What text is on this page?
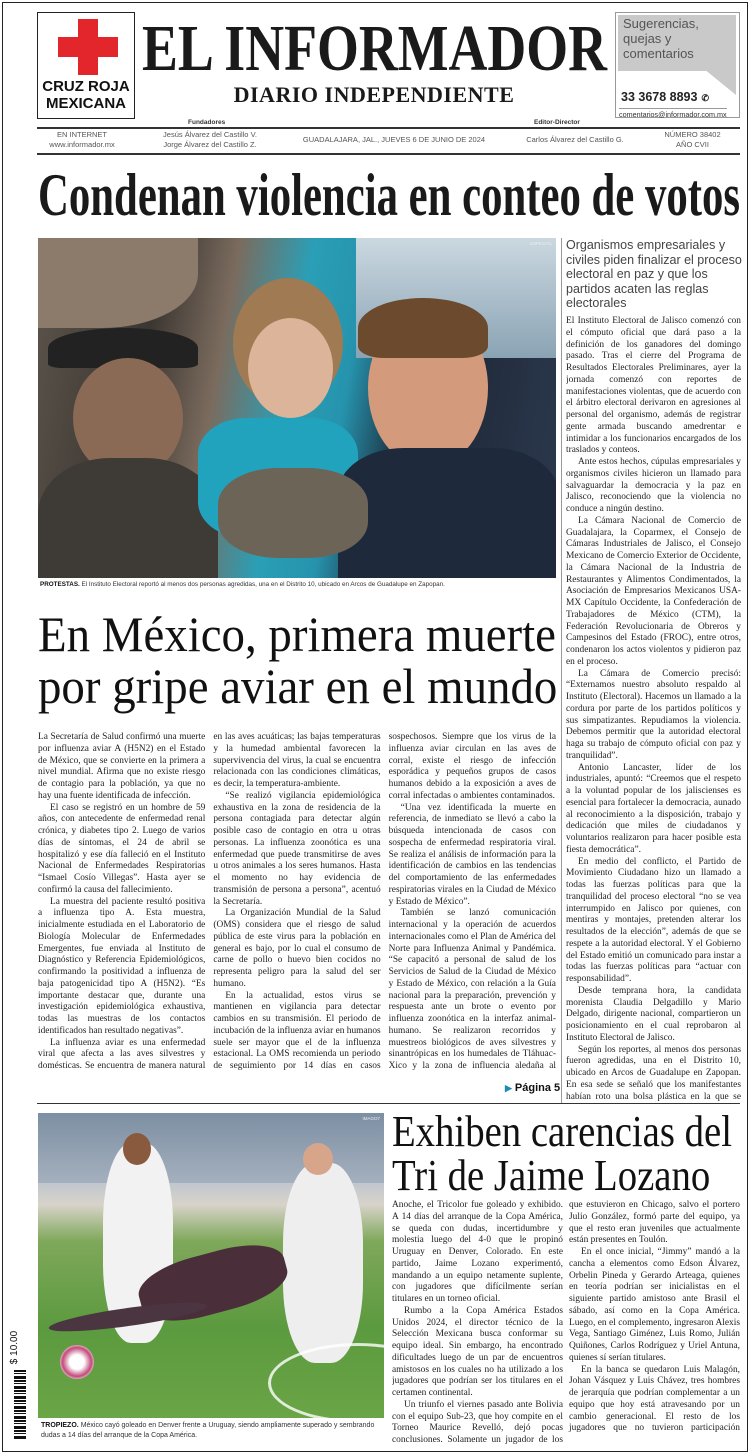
CRUZ ROJA MEXICANA
EL INFORMADOR
DIARIO INDEPENDIENTE
Sugerencias, quejas y comentarios
33 3678 8893 ✆
comentarios@informador.com.mx
Fundadores	Editor-Director
EN INTERNET
www.informador.mx
Jesús Álvarez del Castillo V.
Jorge Álvarez del Castillo Z.
GUADALAJARA, JAL., JUEVES 6 DE JUNIO DE 2024	Carlos Álvarez del Castillo G.
NÚMERO 38402
AÑO CVII
Condenan violencia en conteo de votos
ESPECIAL
PROTESTAS. El Instituto Electoral reportó al menos dos personas agredidas, una en el Distrito 10, ubicado en Arcos de Guadalupe en Zapopan.
Organismos empresariales y civiles piden finalizar el proceso electoral en paz y que los partidos acaten las reglas electorales

El Instituto Electoral de Jalisco comenzó con el cómputo oficial que dará paso a la definición de los ganadores del domingo pasado. Tras el cierre del Programa de Resultados Electorales Preliminares, ayer la jornada comenzó con reportes de manifestaciones violentas, que de acuerdo con el árbitro electoral derivaron en agresiones al personal del organismo, además de registrar gente armada buscando amedrentar e intimidar a los funcionarios encargados de los traslados y conteos.

Ante estos hechos, cúpulas empresariales y organismos civiles hicieron un llamado para salvaguardar la democracia y la paz en Jalisco, reconociendo que la violencia no conduce a ningún destino.

La Cámara Nacional de Comercio de Guadalajara, la Coparmex, el Consejo de Cámaras Industriales de Jalisco, el Consejo Mexicano de Comercio Exterior de Occidente, la Cámara Nacional de la Industria de Restaurantes y Alimentos Condimentados, la Asociación de Empresarios Mexicanos USA-MX Capítulo Occidente, la Confederación de Trabajadores de México (CTM), la Federación Revolucionaria de Obreros y Campesinos del Estado (FROC), entre otros, condenaron los actos violentos y pidieron paz en el proceso.

La Cámara de Comercio precisó: “Externamos nuestro absoluto respaldo al Instituto (Electoral). Hacemos un llamado a la cordura por parte de los partidos políticos y sus simpatizantes. Repudiamos la violencia. Debemos permitir que la autoridad electoral haga su trabajo de cómputo oficial con paz y tranquilidad”.

Antonio Lancaster, líder de los industriales, apuntó: “Creemos que el respeto a la voluntad popular de los jaliscienses es esencial para fortalecer la democracia, aunado al reconocimiento a la disposición, trabajo y dedicación que miles de ciudadanos y voluntarios realizaron para hacer posible esta fiesta democrática”.

En medio del conflicto, el Partido de Movimiento Ciudadano hizo un llamado a todas las fuerzas políticas para que la tranquilidad del proceso electoral “no se vea interrumpido en Jalisco por quienes, con mentiras y montajes, pretenden alterar los resultados de la elección”, además de que se respete a la autoridad electoral. Y el Gobierno del Estado emitió un comunicado para instar a todas las fuerzas políticas para “actuar con responsabilidad”.

Desde temprana hora, la candidata morenista Claudia Delgadillo y Mario Delgado, dirigente nacional, compartieron un posicionamiento en el cual reprobaron al Instituto Electoral de Jalisco.

Según los reportes, al menos dos personas fueron agredidas, una en el Distrito 10, ubicado en Arcos de Guadalupe en Zapopan. En esa sede se señaló que los manifestantes habían roto una bolsa plástica en la que se

En México, primera muerte
por gripe aviar en el mundo

La Secretaría de Salud confirmó una muerte por influenza aviar A (H5N2) en el Estado de México, que se convierte en la primera a nivel mundial. Afirma que no existe riesgo de contagio para la población, ya que no hay una fuente identificada de infección.

El caso se registró en un hombre de 59 años, con antecedente de enfermedad renal crónica, y diabetes tipo 2. Luego de varios días de síntomas, el 24 de abril se hospitalizó y ese día falleció en el Instituto Nacional de Enfermedades Respiratorias “Ismael Cosío Villegas”. Hasta ayer se confirmó la causa del fallecimiento.

La muestra del paciente resultó positiva a influenza tipo A. Esta muestra, inicialmente estudiada en el Laboratorio de Biología Molecular de Enfermedades Emergentes, fue enviada al Instituto de Diagnóstico y Referencia Epidemiológicos, confirmando la positividad a influenza de baja patogenicidad tipo A (H5N2). “Es importante destacar que, durante una investigación epidemiológica exhaustiva, todas las muestras de los contactos identificados han resultado negativas”.

La influenza aviar es una enfermedad viral que afecta a las aves silvestres y domésticas. Se encuentra de manera natural en las aves acuáticas; las bajas temperaturas y la humedad ambiental favorecen la supervivencia del virus, la cual se encuentra relacionada con las condiciones climáticas, es decir, la temperatura-ambiente.

“Se realizó vigilancia epidemiológica exhaustiva en la zona de residencia de la persona contagiada para detectar algún posible caso de contagio en otra u otras personas. La influenza zoonótica es una enfermedad que puede transmitirse de aves u otros animales a los seres humanos. Hasta el momento no hay evidencia de transmisión de persona a persona”, acentuó la Secretaría.

La Organización Mundial de la Salud (OMS) considera que el riesgo de salud pública de este virus para la población en general es bajo, por lo cual el consumo de carne de pollo o huevo bien cocidos no representa peligro para la salud del ser humano.

En la actualidad, estos virus se mantienen en vigilancia para detectar cambios en su transmisión. El periodo de incubación de la influenza aviar en humanos suele ser mayor que el de la influenza estacional. La OMS recomienda un periodo de seguimiento por 14 días en casos sospechosos. Siempre que los virus de la influenza aviar circulan en las aves de corral, existe el riesgo de infección esporádica y pequeños grupos de casos humanos debido a la exposición a aves de corral infectadas o ambientes contaminados.

“Una vez identificada la muerte en referencia, de inmediato se llevó a cabo la búsqueda intencionada de casos con sospecha de enfermedad respiratoria viral. Se realiza el análisis de información para la identificación de cambios en las tendencias del comportamiento de las enfermedades respiratorias virales en la Ciudad de México y Estado de México”.

También se lanzó comunicación internacional y la operación de acuerdos internacionales como el Plan de América del Norte para Influenza Animal y Pandémica. “Se capacitó a personal de salud de los Servicios de Salud de la Ciudad de México y Estado de México, con relación a la Guía nacional para la preparación, prevención y respuesta ante un brote o evento por influenza zoonótica en la interfaz animal-humano. Se realizaron recorridos y muestreos biológicos de aves silvestres y sinantrópicas en los humedales de Tláhuac-Xico y la zona de influencia aledaña al

▶ Página 5
IMAGO7
TROPIEZO. México cayó goleado en Denver frente a Uruguay, siendo ampliamente superado y sembrando dudas a 14 días del arranque de la Copa América.
Exhiben carencias del
Tri de Jaime Lozano

Anoche, el Tricolor fue goleado y exhibido. A 14 días del arranque de la Copa América, se queda con dudas, incertidumbre y molestia luego del 4-0 que le propinó Uruguay en Denver, Colorado. En este partido, Jaime Lozano experimentó, mandando a un equipo netamente suplente, con jugadores que difícilmente serían titulares en un torneo oficial.

Rumbo a la Copa América Estados Unidos 2024, el director técnico de la Selección Mexicana busca conformar su equipo ideal. Sin embargo, ha encontrado dificultades luego de un par de encuentros amistosos en los cuales no ha utilizado a los jugadores que podrían ser los titulares en el certamen continental.

Un triunfo el viernes pasado ante Bolivia con el equipo Sub-23, que hoy compite en el Torneo Maurice Revelló, dejó pocas conclusiones. Solamente un jugador de los que estuvieron en Chicago, salvo el portero Julio González, formó parte del equipo, ya que el resto eran juveniles que actualmente están presentes en Toulón.

En el once inicial, “Jimmy” mandó a la cancha a elementos como Edson Álvarez, Orbelin Pineda y Gerardo Arteaga, quienes en teoría podrían ser inicialistas en el siguiente partido amistoso ante Brasil el sábado, así como en la Copa América. Luego, en el complemento, ingresaron Alexis Vega, Santiago Giménez, Luis Romo, Julián Quiñones, Carlos Rodríguez y Uriel Antuna, quienes sí serían titulares.

En la banca se quedaron Luis Malagón, Johan Vásquez y Luis Chávez, tres hombres de jerarquía que podrían complementar a un equipo que hoy está atravesando por un cambio generacional. El resto de los jugadores que no tuvieron participación

$ 10.00
